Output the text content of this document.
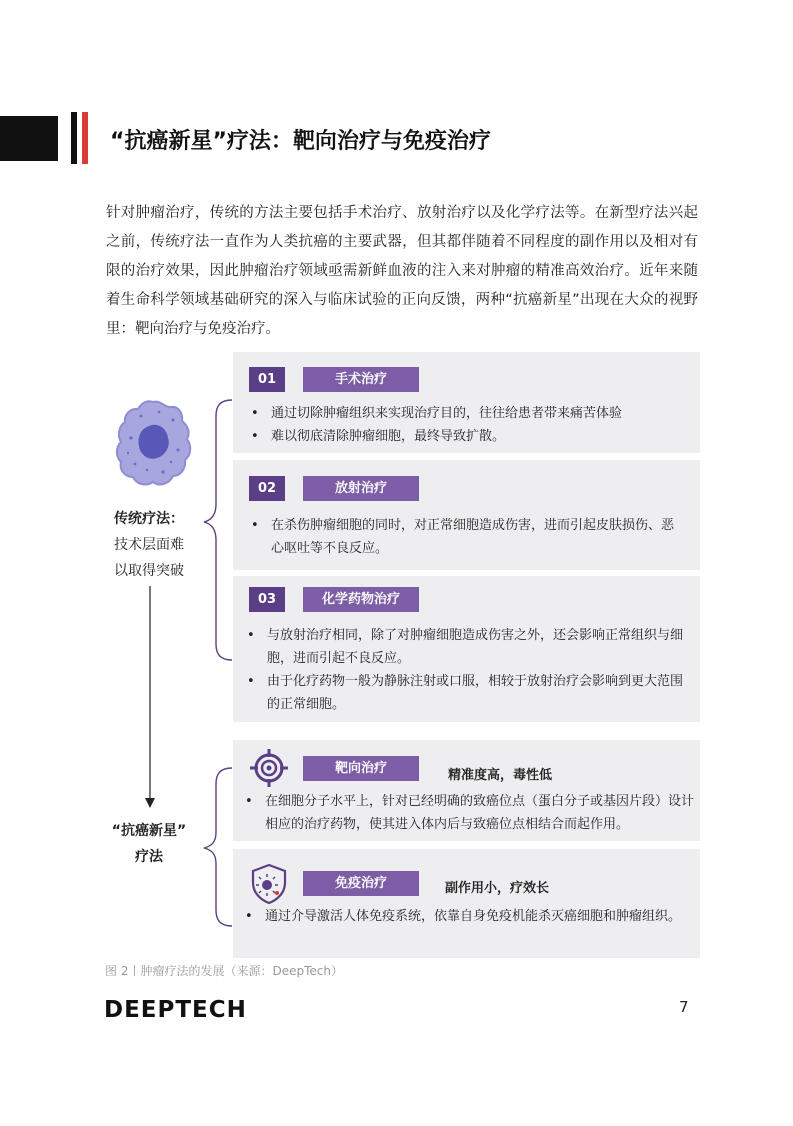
“抗癌新星”疗法：靶向治疗与免疫治疗

针对肿瘤治疗，传统的方法主要包括手术治疗、放射治疗以及化学疗法等。在新型疗法兴起之前，传统疗法一直作为人类抗癌的主要武器，但其都伴随着不同程度的副作用以及相对有限的治疗效果，因此肿瘤治疗领域亟需新鲜血液的注入来对肿瘤的精准高效治疗。近年来随着生命科学领域基础研究的深入与临床试验的正向反馈，两种“抗癌新星”出现在大众的视野里：靶向治疗与免疫治疗。

传统疗法：
技术层面难
以取得突破
01	手术治疗
• 通过切除肿瘤组织来实现治疗目的，往往给患者带来痛苦体验
• 难以彻底清除肿瘤细胞，最终导致扩散。
02	放射治疗
• 在杀伤肿瘤细胞的同时，对正常细胞造成伤害，进而引起皮肤损伤、恶心呕吐等不良反应。
03	化学药物治疗
• 与放射治疗相同，除了对肿瘤细胞造成伤害之外，还会影响正常组织与细胞，进而引起不良反应。
• 由于化疗药物一般为静脉注射或口服，相较于放射治疗会影响到更大范围的正常细胞。
“抗癌新星”
疗法
靶向治疗	精准度高，毒性低
• 在细胞分子水平上，针对已经明确的致癌位点（蛋白分子或基因片段）设计相应的治疗药物，使其进入体内后与致癌位点相结合而起作用。
免疫治疗	副作用小，疗效长
• 通过介导激活人体免疫系统，依靠自身免疫机能杀灭癌细胞和肿瘤组织。
图 2丨肿瘤疗法的发展（来源：DeepTech）
DEEPTECH	7
